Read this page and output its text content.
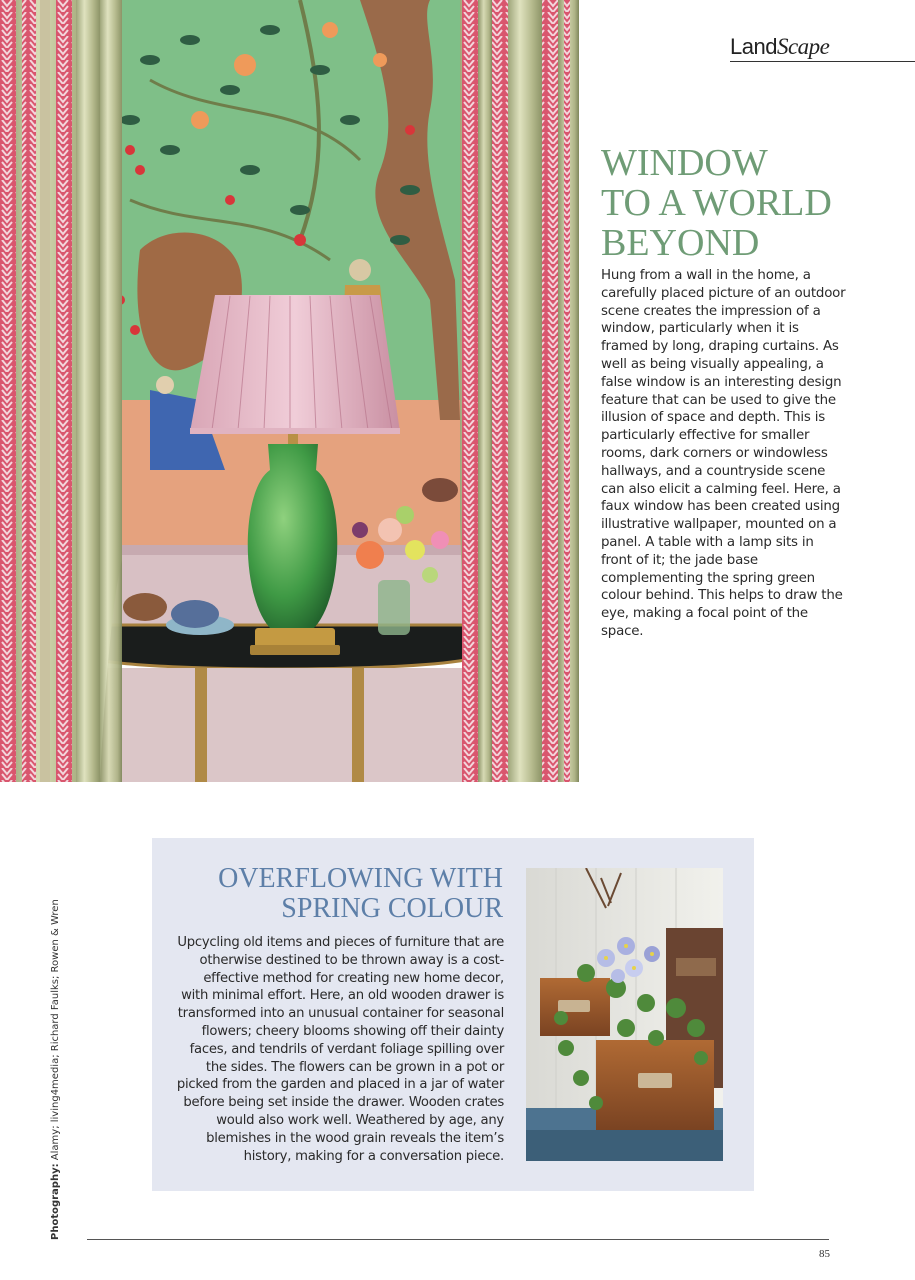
LandScape
WINDOW
TO A WORLD
BEYOND

Hung from a wall in the home, a carefully placed picture of an outdoor scene creates the impression of a window, particularly when it is framed by long, draping curtains. As well as being visually appealing, a false window is an interesting design feature that can be used to give the illusion of space and depth. This is particularly effective for smaller rooms, dark corners or windowless hallways, and a countryside scene can also elicit a calming feel. Here, a faux window has been created using illustrative wallpaper, mounted on a panel. A table with a lamp sits in front of it; the jade base complementing the spring green colour behind. This helps to draw the eye, making a focal point of the space.

OVERFLOWING WITH
SPRING COLOUR

Upcycling old items and pieces of furniture that are otherwise destined to be thrown away is a cost-effective method for creating new home decor, with minimal effort. Here, an old wooden drawer is transformed into an unusual container for seasonal flowers; cheery blooms showing off their dainty faces, and tendrils of verdant foliage spilling over the sides. The flowers can be grown in a pot or picked from the garden and placed in a jar of water before being set inside the drawer. Wooden crates would also work well. Weathered by age, any blemishes in the wood grain reveals the item’s history, making for a conversation piece.

Photography: Alamy; living4media; Richard Faulks; Rowen & Wren
85
